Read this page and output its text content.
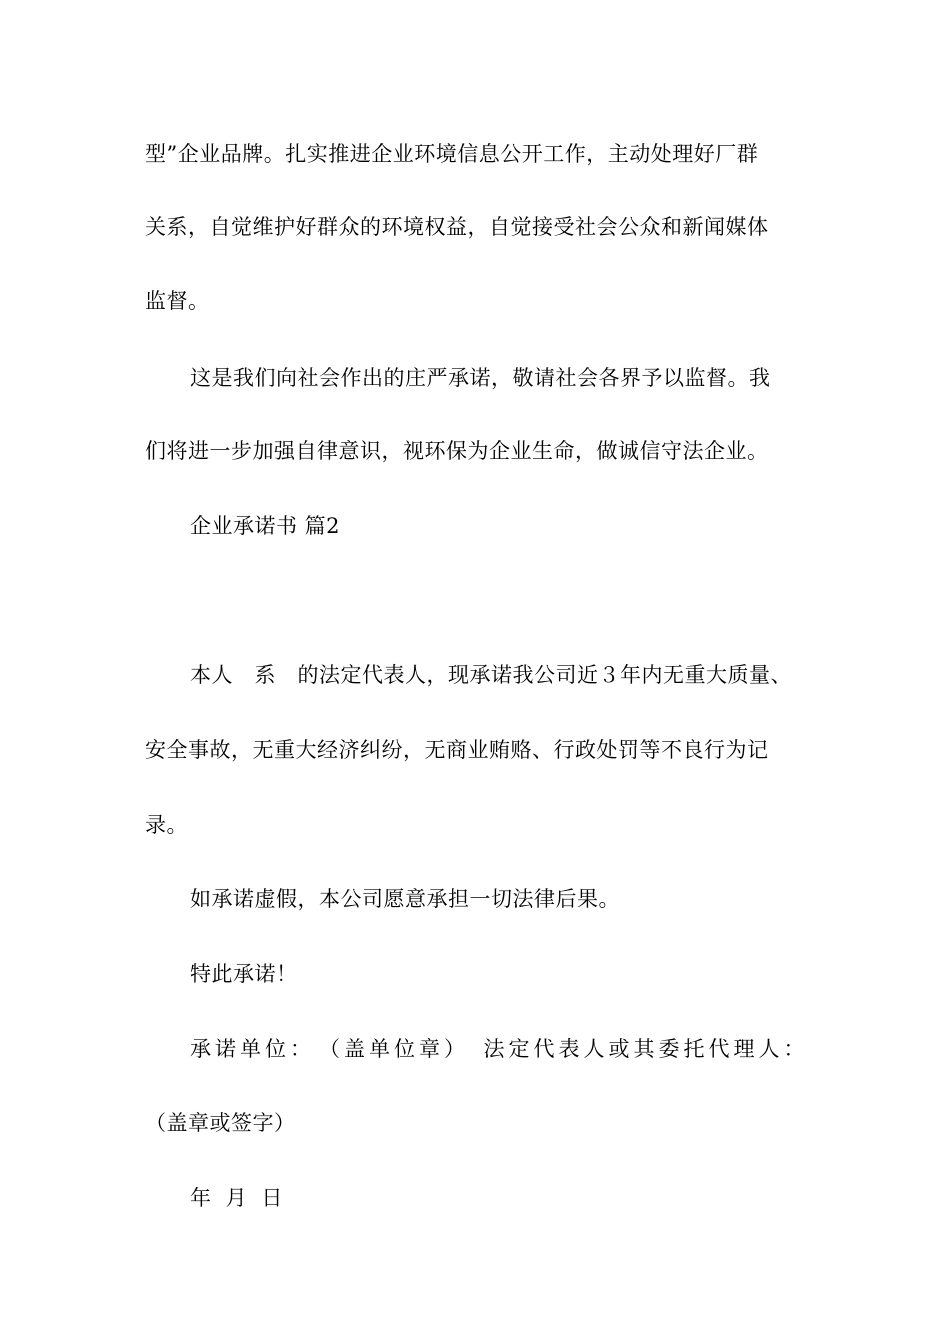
型”企业品牌。扎实推进企业环境信息公开工作，主动处理好厂群
关系，自觉维护好群众的环境权益，自觉接受社会公众和新闻媒体
监督。
这是我们向社会作出的庄严承诺，敬请社会各界予以监督。我
们将进一步加强自律意识，视环保为企业生命，做诚信守法企业。
企业承诺书 篇2
本人　系　的法定代表人，现承诺我公司近３年内无重大质量、
安全事故，无重大经济纠纷，无商业贿赂、行政处罚等不良行为记
录。
如承诺虚假，本公司愿意承担一切法律后果。
特此承诺！
承诺单位：　（盖单位章）　法定代表人或其委托代理人：
（盖章或签字）
年 月 日
